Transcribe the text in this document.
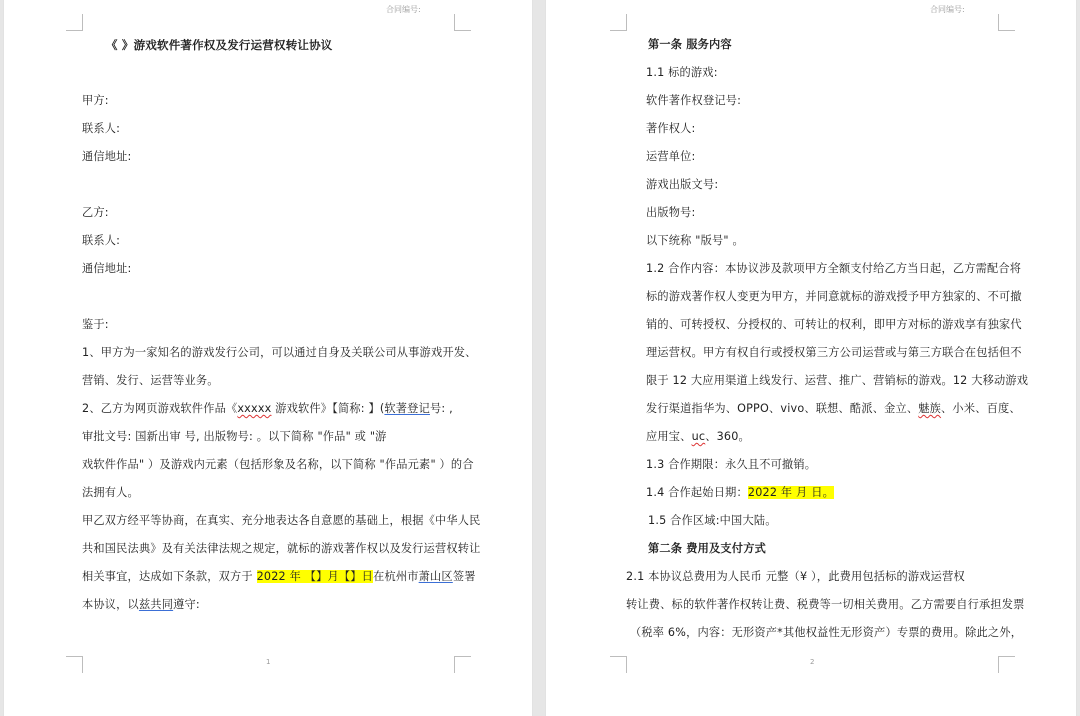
合同编号:
《 》游戏软件著作权及发行运营权转让协议
甲方:
联系人:
通信地址:
乙方:
联系人:
通信地址:
鉴于:
1、甲方为一家知名的游戏发行公司，可以通过自身及关联公司从事游戏开发、
营销、发行、运营等业务。
2、乙方为网页游戏软件作品《xxxxx 游戏软件》【简称: 】(软著登记号: ,
审批文号: 国新出审 号, 出版物号: 。以下简称 "作品" 或 "游
戏软件作品" ）及游戏内元素（包括形象及名称，以下简称 "作品元素" ）的合
法拥有人。
甲乙双方经平等协商，在真实、充分地表达各自意愿的基础上，根据《中华人民
共和国民法典》及有关法律法规之规定，就标的游戏著作权以及发行运营权转让
相关事宜，达成如下条款，双方于 2022 年 【】月【】日在杭州市萧山区签署
本协议，以兹共同遵守:
1
合同编号:
第一条 服务内容
1.1 标的游戏:
软件著作权登记号:
著作权人:
运营单位:
游戏出版文号:
出版物号:
以下统称 "版号" 。
1.2 合作内容：本协议涉及款项甲方全额支付给乙方当日起，乙方需配合将
标的游戏著作权人变更为甲方，并同意就标的游戏授予甲方独家的、不可撤
销的、可转授权、分授权的、可转让的权利，即甲方对标的游戏享有独家代
理运营权。甲方有权自行或授权第三方公司运营或与第三方联合在包括但不
限于 12 大应用渠道上线发行、运营、推广、营销标的游戏。12 大移动游戏
发行渠道指华为、OPPO、vivo、联想、酷派、金立、魅族、小米、百度、
应用宝、uc、360。
1.3 合作期限：永久且不可撤销。
1.4 合作起始日期：2022 年 月 日。
1.5 合作区域:中国大陆。
第二条 费用及支付方式
2.1 本协议总费用为人民币 元整（¥ ），此费用包括标的游戏运营权
转让费、标的软件著作权转让费、税费等一切相关费用。乙方需要自行承担发票
（税率 6%，内容：无形资产*其他权益性无形资产）专票的费用。除此之外，
2
